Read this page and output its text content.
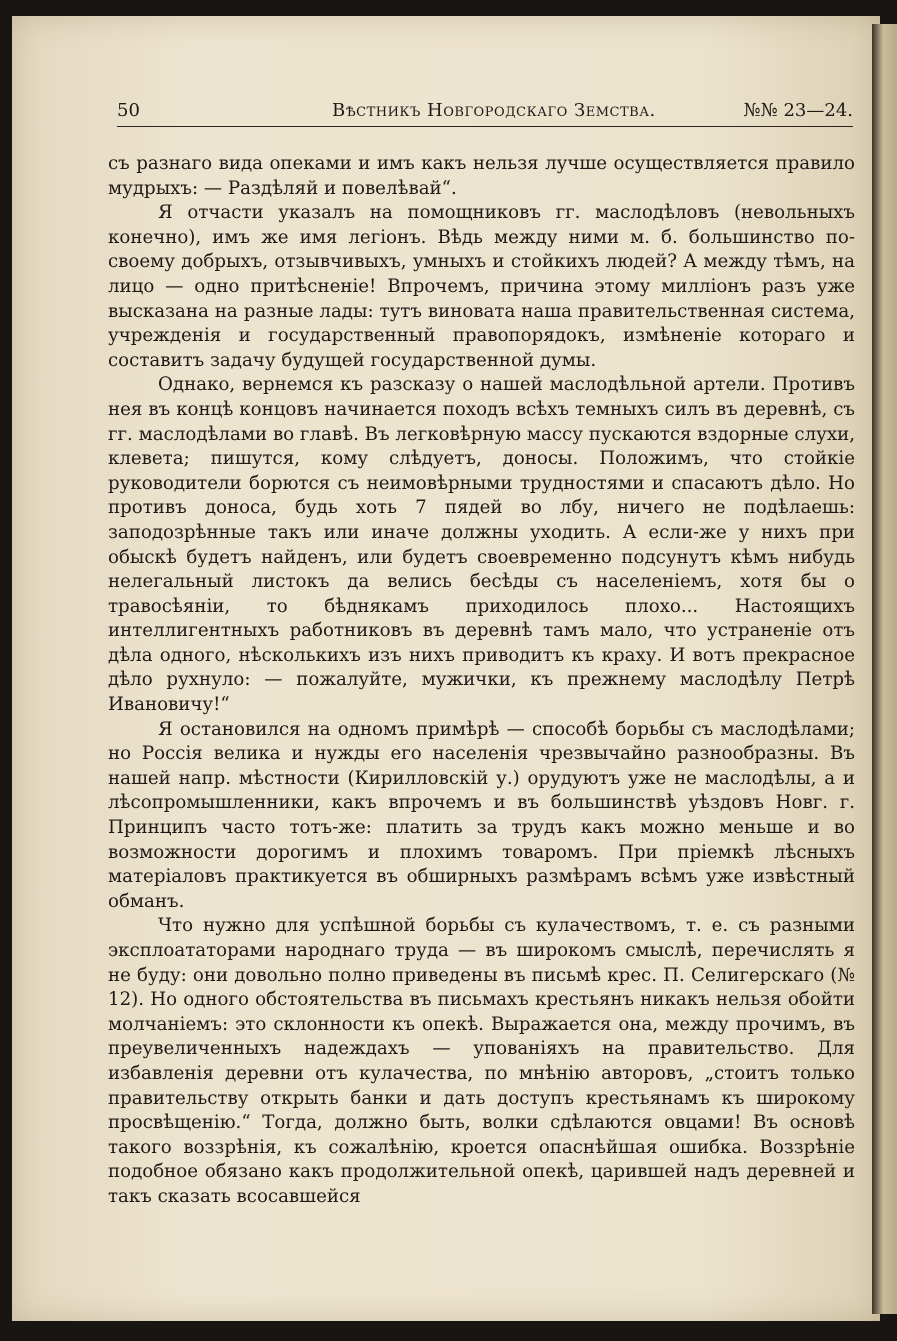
50	Вѣстникъ Новгородскаго Земства.	№№ 23—24.

съ разнаго вида опеками и имъ какъ нельзя лучше осуществляется правило мудрыхъ: — Раздѣляй и повелѣвай“.

Я отчасти указалъ на помощниковъ гг. маслодѣловъ (невольныхъ конечно), имъ же имя легіонъ. Вѣдь между ними м. б. большинство по-своему добрыхъ, отзывчивыхъ, умныхъ и стойкихъ людей? А между тѣмъ, на лицо — одно притѣсненіе! Впрочемъ, причина этому милліонъ разъ уже высказана на разные лады: тутъ виновата наша правительственная система, учрежденія и государственный правопорядокъ, измѣненіе котораго и составитъ задачу будущей государственной думы.

Однако, вернемся къ разсказу о нашей маслодѣльной артели. Противъ нея въ концѣ концовъ начинается походъ всѣхъ темныхъ силъ въ деревнѣ, съ гг. маслодѣлами во главѣ. Въ легковѣрную массу пускаются вздорные слухи, клевета; пишутся, кому слѣдуетъ, доносы. Положимъ, что стойкіе руководители борются съ неимовѣрными трудностями и спасаютъ дѣло. Но противъ доноса, будь хоть 7 пядей во лбу, ничего не подѣлаешь: заподозрѣнные такъ или иначе должны уходить. А если-же у нихъ при обыскѣ будетъ найденъ, или будетъ своевременно подсунутъ кѣмъ нибудь нелегальный листокъ да велись бесѣды съ населеніемъ, хотя бы о травосѣяніи, то бѣднякамъ приходилось плохо... Настоящихъ интеллигентныхъ работниковъ въ деревнѣ тамъ мало, что устраненіе отъ дѣла одного, нѣсколькихъ изъ нихъ приводитъ къ краху. И вотъ прекрасное дѣло рухнуло: — пожалуйте, мужички, къ прежнему маслодѣлу Петрѣ Ивановичу!“

Я остановился на одномъ примѣрѣ — способѣ борьбы съ маслодѣлами; но Россія велика и нужды его населенія чрезвычайно разнообразны. Въ нашей напр. мѣстности (Кирилловскій у.) орудуютъ уже не маслодѣлы, а и лѣсопромышленники, какъ впрочемъ и въ большинствѣ уѣздовъ Новг. г. Принципъ часто тотъ-же: платить за трудъ какъ можно меньше и во возможности дорогимъ и плохимъ товаромъ. При пріемкѣ лѣсныхъ матеріаловъ практикуется въ обширныхъ размѣрамъ всѣмъ уже извѣстный обманъ.

Что нужно для успѣшной борьбы съ кулачествомъ, т. е. съ разными эксплоататорами народнаго труда — въ широкомъ смыслѣ, перечислять я не буду: они довольно полно приведены въ письмѣ крес. П. Селигерскаго (№ 12). Но одного обстоятельства въ письмахъ крестьянъ никакъ нельзя обойти молчаніемъ: это склонности къ опекѣ. Выражается она, между прочимъ, въ преувеличенныхъ надеждахъ — упованіяхъ на правительство. Для избавленія деревни отъ кулачества, по мнѣнію авторовъ, „стоитъ только правительству открыть банки и дать доступъ крестьянамъ къ широкому просвѣщенію.“ Тогда, должно быть, волки сдѣлаются овцами! Въ основѣ такого воззрѣнія, къ сожалѣнію, кроется опаснѣйшая ошибка. Воззрѣніе подобное обязано какъ продолжительной опекѣ, царившей надъ деревней и такъ сказать всосавшейся
